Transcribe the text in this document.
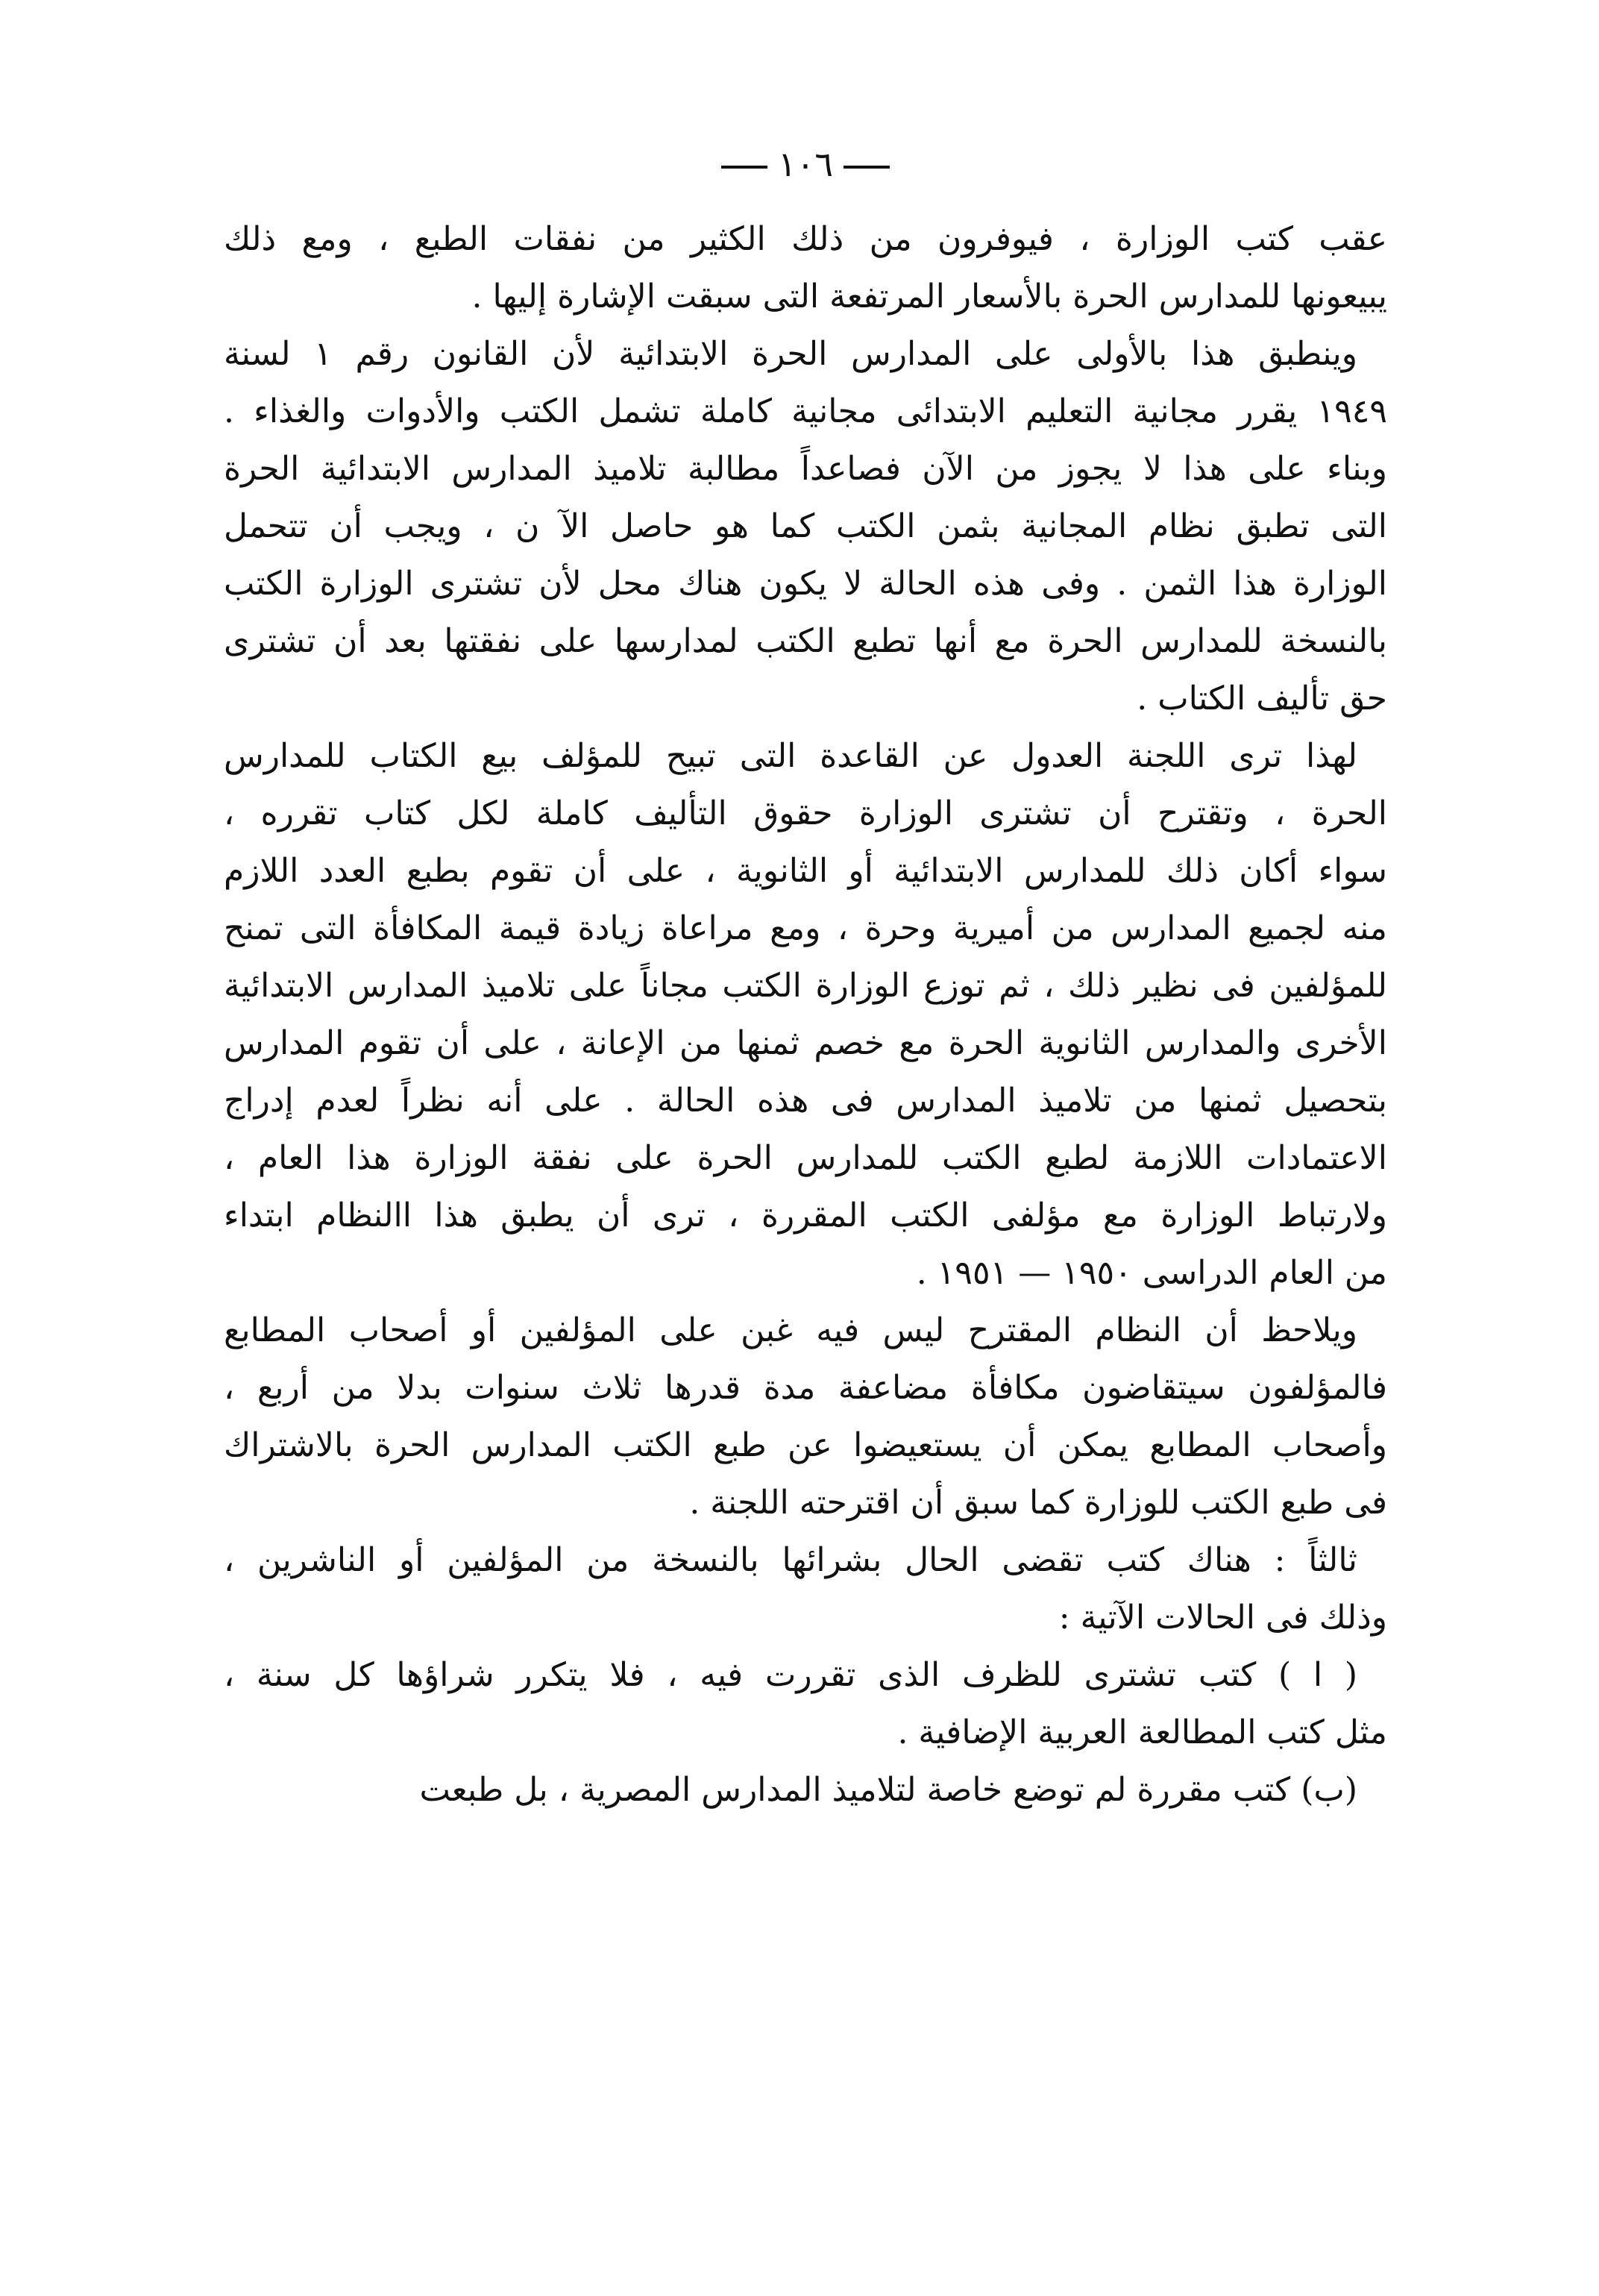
١٠٦

عقب كتب الوزارة ، فيوفرون من ذلك الكثير من نفقات الطبع ، ومع ذلك
يبيعونها للمدارس الحرة بالأسعار المرتفعة التى سبقت الإشارة إليها .

وينطبق هذا بالأولى على المدارس الحرة الابتدائية لأن القانون رقم ١ لسنة
١٩٤٩ يقرر مجانية التعليم الابتدائى مجانية كاملة تشمل الكتب والأدوات والغذاء .
وبناء على هذا لا يجوز من الآن فصاعداً مطالبة تلاميذ المدارس الابتدائية الحرة
التى تطبق نظام المجانية بثمن الكتب كما هو حاصل الآ ن ، ويجب أن تتحمل
الوزارة هذا الثمن . وفى هذه الحالة لا يكون هناك محل لأن تشترى الوزارة الكتب
بالنسخة للمدارس الحرة مع أنها تطبع الكتب لمدارسها على نفقتها بعد أن تشترى
حق تأليف الكتاب .

لهذا ترى اللجنة العدول عن القاعدة التى تبيح للمؤلف بيع الكتاب للمدارس
الحرة ، وتقترح أن تشترى الوزارة حقوق التأليف كاملة لكل كتاب تقرره ،
سواء أكان ذلك للمدارس الابتدائية أو الثانوية ، على أن تقوم بطبع العدد اللازم
منه لجميع المدارس من أميرية وحرة ، ومع مراعاة زيادة قيمة المكافأة التى تمنح
للمؤلفين فى نظير ذلك ، ثم توزع الوزارة الكتب مجاناً على تلاميذ المدارس الابتدائية
الأخرى والمدارس الثانوية الحرة مع خصم ثمنها من الإعانة ، على أن تقوم المدارس
بتحصيل ثمنها من تلاميذ المدارس فى هذه الحالة . على أنه نظراً لعدم إدراج
الاعتمادات اللازمة لطبع الكتب للمدارس الحرة على نفقة الوزارة هذا العام ،
ولارتباط الوزارة مع مؤلفى الكتب المقررة ، ترى أن يطبق هذا االنظام ابتداء
من العام الدراسى ١٩٥٠ — ١٩٥١ .

ويلاحظ أن النظام المقترح ليس فيه غبن على المؤلفين أو أصحاب المطابع
فالمؤلفون سيتقاضون مكافأة مضاعفة مدة قدرها ثلاث سنوات بدلا من أربع ،
وأصحاب المطابع يمكن أن يستعيضوا عن طبع الكتب المدارس الحرة بالاشتراك
فى طبع الكتب للوزارة كما سبق أن اقترحته اللجنة .

ثالثاً : هناك كتب تقضى الحال بشرائها بالنسخة من المؤلفين أو الناشرين ،
وذلك فى الحالات الآتية :

( ا ) كتب تشترى للظرف الذى تقررت فيه ، فلا يتكرر شراؤها كل سنة ،
مثل كتب المطالعة العربية الإضافية .

(ب) كتب مقررة لم توضع خاصة لتلاميذ المدارس المصرية ، بل طبعت
